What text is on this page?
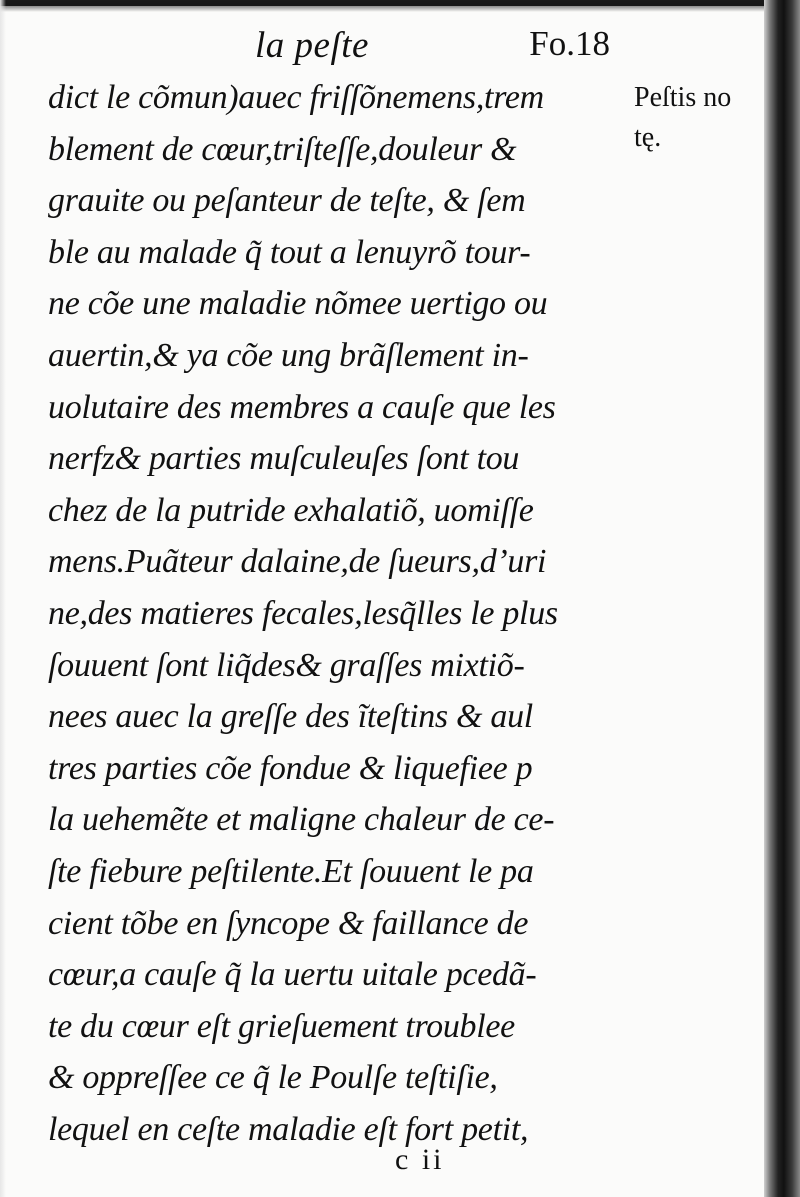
la peſte	Fo.18
dict le cõmun)auec friſſõnemens,trem
blement de cœur,triſteſſe,douleur &
grauite ou peſanteur de teſte, & ſem
ble au malade q̃ tout a lenuyrõ tour-
ne cõe une maladie nõmee uertigo ou
auertin,& ya cõe ung brãſlement in-
uolutaire des membres a cauſe que les
nerfz& parties muſculeuſes ſont tou
chez de la putride exhalatiõ, uomiſſe
mens.Puãteur dalaine,de ſueurs,d’uri
ne,des matieres fecales,lesq̃lles le plus
ſouuent ſont liq̃des& graſſes mixtiõ-
nees auec la greſſe des ĩteſtins & aul
tres parties cõe fondue & liquefiee p
la uehemẽte et maligne chaleur de ce-
ſte fiebure peſtilente.Et ſouuent le pa
cient tõbe en ſyncope & faillance de
cœur,a cauſe q̃ la uertu uitale pcedã-
te du cœur eſt grieſuement troublee
& oppreſſee ce q̃ le Poulſe teſtiſie,
lequel en ceſte maladie eſt fort petit,
Peſtis no
tę.
c ii
